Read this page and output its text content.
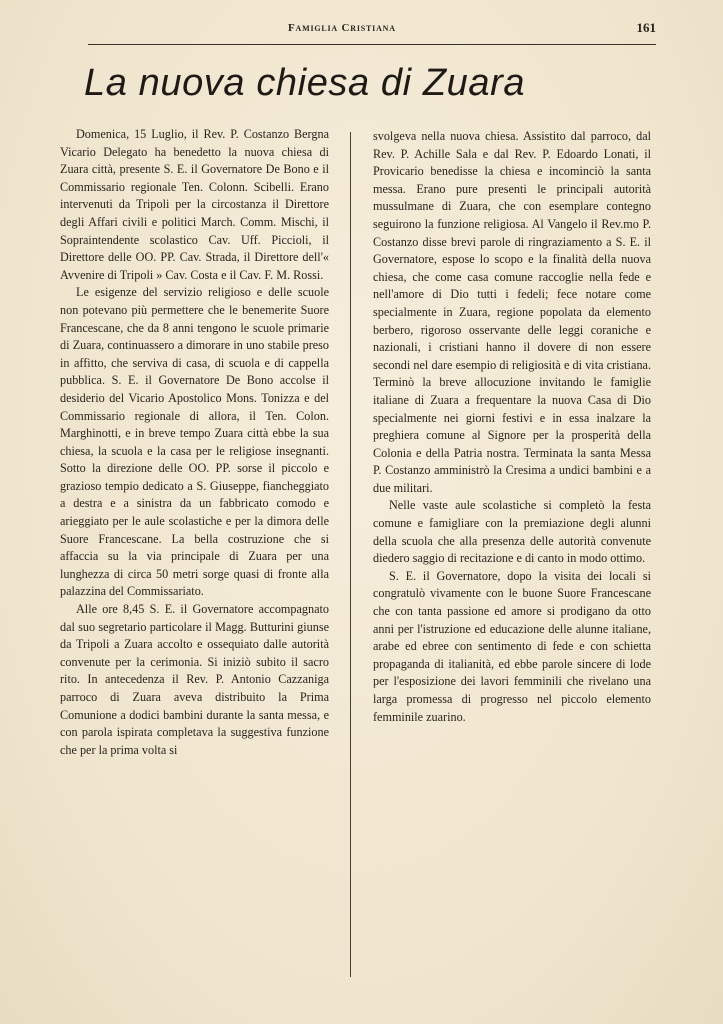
Famiglia Cristiana	161
La nuova chiesa di Zuara

Domenica, 15 Luglio, il Rev. P. Costanzo Bergna Vicario Delegato ha benedetto la nuova chiesa di Zuara città, presente S. E. il Governatore De Bono e il Commissario regionale Ten. Colonn. Scibelli. Erano intervenuti da Tripoli per la circostanza il Direttore degli Affari civili e politici March. Comm. Mischi, il Sopraintendente scolastico Cav. Uff. Piccioli, il Direttore delle OO. PP. Cav. Strada, il Direttore dell'« Avvenire di Tripoli » Cav. Costa e il Cav. F. M. Rossi.

Le esigenze del servizio religioso e delle scuole non potevano più permettere che le benemerite Suore Francescane, che da 8 anni tengono le scuole primarie di Zuara, continuassero a dimorare in uno stabile preso in affitto, che serviva di casa, di scuola e di cappella pubblica. S. E. il Governatore De Bono accolse il desiderio del Vicario Apostolico Mons. Tonizza e del Commissario regionale di allora, il Ten. Colon. Marghinotti, e in breve tempo Zuara città ebbe la sua chiesa, la scuola e la casa per le religiose insegnanti. Sotto la direzione delle OO. PP. sorse il piccolo e grazioso tempio dedicato a S. Giuseppe, fiancheggiato a destra e a sinistra da un fabbricato comodo e arieggiato per le aule scolastiche e per la dimora delle Suore Francescane. La bella costruzione che si affaccia su la via principale di Zuara per una lunghezza di circa 50 metri sorge quasi di fronte alla palazzina del Commissariato.

Alle ore 8,45 S. E. il Governatore accompagnato dal suo segretario particolare il Magg. Butturini giunse da Tripoli a Zuara accolto e ossequiato dalle autorità convenute per la cerimonia. Si iniziò subito il sacro rito. In antecedenza il Rev. P. Antonio Cazzaniga parroco di Zuara aveva distribuito la Prima Comunione a dodici bambini durante la santa messa, e con parola ispirata completava la suggestiva funzione che per la prima volta si

svolgeva nella nuova chiesa. Assistito dal parroco, dal Rev. P. Achille Sala e dal Rev. P. Edoardo Lonati, il Provicario benedisse la chiesa e incominciò la santa messa. Erano pure presenti le principali autorità mussulmane di Zuara, che con esemplare contegno seguirono la funzione religiosa. Al Vangelo il Rev.mo P. Costanzo disse brevi parole di ringraziamento a S. E. il Governatore, espose lo scopo e la finalità della nuova chiesa, che come casa comune raccoglie nella fede e nell'amore di Dio tutti i fedeli; fece notare come specialmente in Zuara, regione popolata da elemento berbero, rigoroso osservante delle leggi coraniche e nazionali, i cristiani hanno il dovere di non essere secondi nel dare esempio di religiosità e di vita cristiana. Terminò la breve allocuzione invitando le famiglie italiane di Zuara a frequentare la nuova Casa di Dio specialmente nei giorni festivi e in essa inalzare la preghiera comune al Signore per la prosperità della Colonia e della Patria nostra. Terminata la santa Messa P. Costanzo amministrò la Cresima a undici bambini e a due militari.

Nelle vaste aule scolastiche si completò la festa comune e famigliare con la premiazione degli alunni della scuola che alla presenza delle autorità convenute diedero saggio di recitazione e di canto in modo ottimo.

S. E. il Governatore, dopo la visita dei locali si congratulò vivamente con le buone Suore Francescane che con tanta passione ed amore si prodigano da otto anni per l'istruzione ed educazione delle alunne italiane, arabe ed ebree con sentimento di fede e con schietta propaganda di italianità, ed ebbe parole sincere di lode per l'esposizione dei lavori femminili che rivelano una larga promessa di progresso nel piccolo elemento femminile zuarino.
